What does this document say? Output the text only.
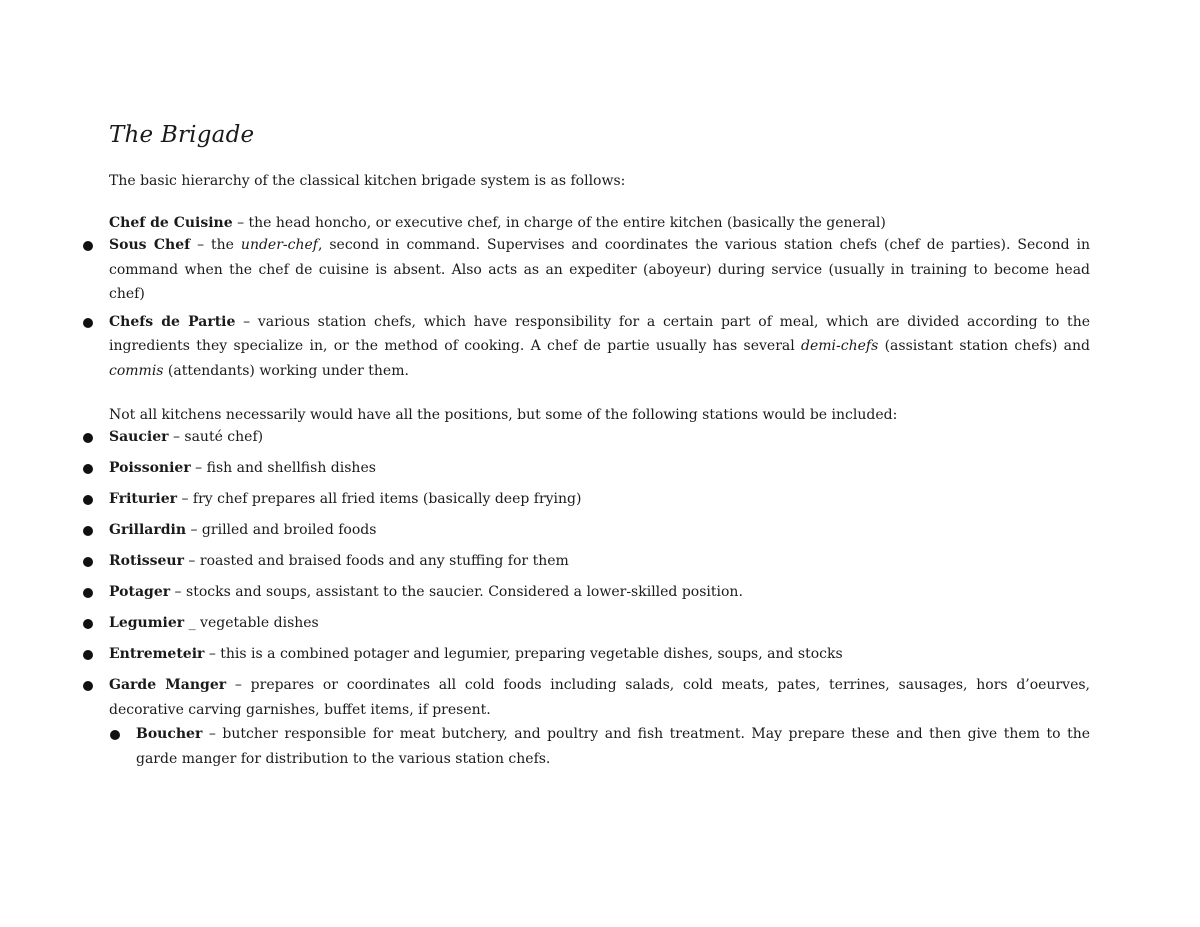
The Brigade

The basic hierarchy of the classical kitchen brigade system is as follows:

Chef de Cuisine – the head honcho, or executive chef, in charge of the entire kitchen (basically the general)

Sous Chef – the under-chef, second in command. Supervises and coordinates the various station chefs (chef de parties). Second in command when the chef de cuisine is absent. Also acts as an expediter (aboyeur) during service (usually in training to become head chef)
Chefs de Partie – various station chefs, which have responsibility for a certain part of meal, which are divided according to the ingredients they specialize in, or the method of cooking. A chef de partie usually has several demi-chefs (assistant station chefs) and commis (attendants) working under them.

Not all kitchens necessarily would have all the positions, but some of the following stations would be included:

Saucier – sauté chef)
Poissonier – fish and shellfish dishes
Friturier – fry chef prepares all fried items (basically deep frying)
Grillardin – grilled and broiled foods
Rotisseur – roasted and braised foods and any stuffing for them
Potager – stocks and soups, assistant to the saucier. Considered a lower-skilled position.
Legumier _ vegetable dishes
Entremeteir – this is a combined potager and legumier, preparing vegetable dishes, soups, and stocks
Garde Manger – prepares or coordinates all cold foods including salads, cold meats, pates, terrines, sausages, hors d’oeurves, decorative carving garnishes, buffet items, if present.
Boucher – butcher responsible for meat butchery, and poultry and fish treatment. May prepare these and then give them to the garde manger for distribution to the various station chefs.
